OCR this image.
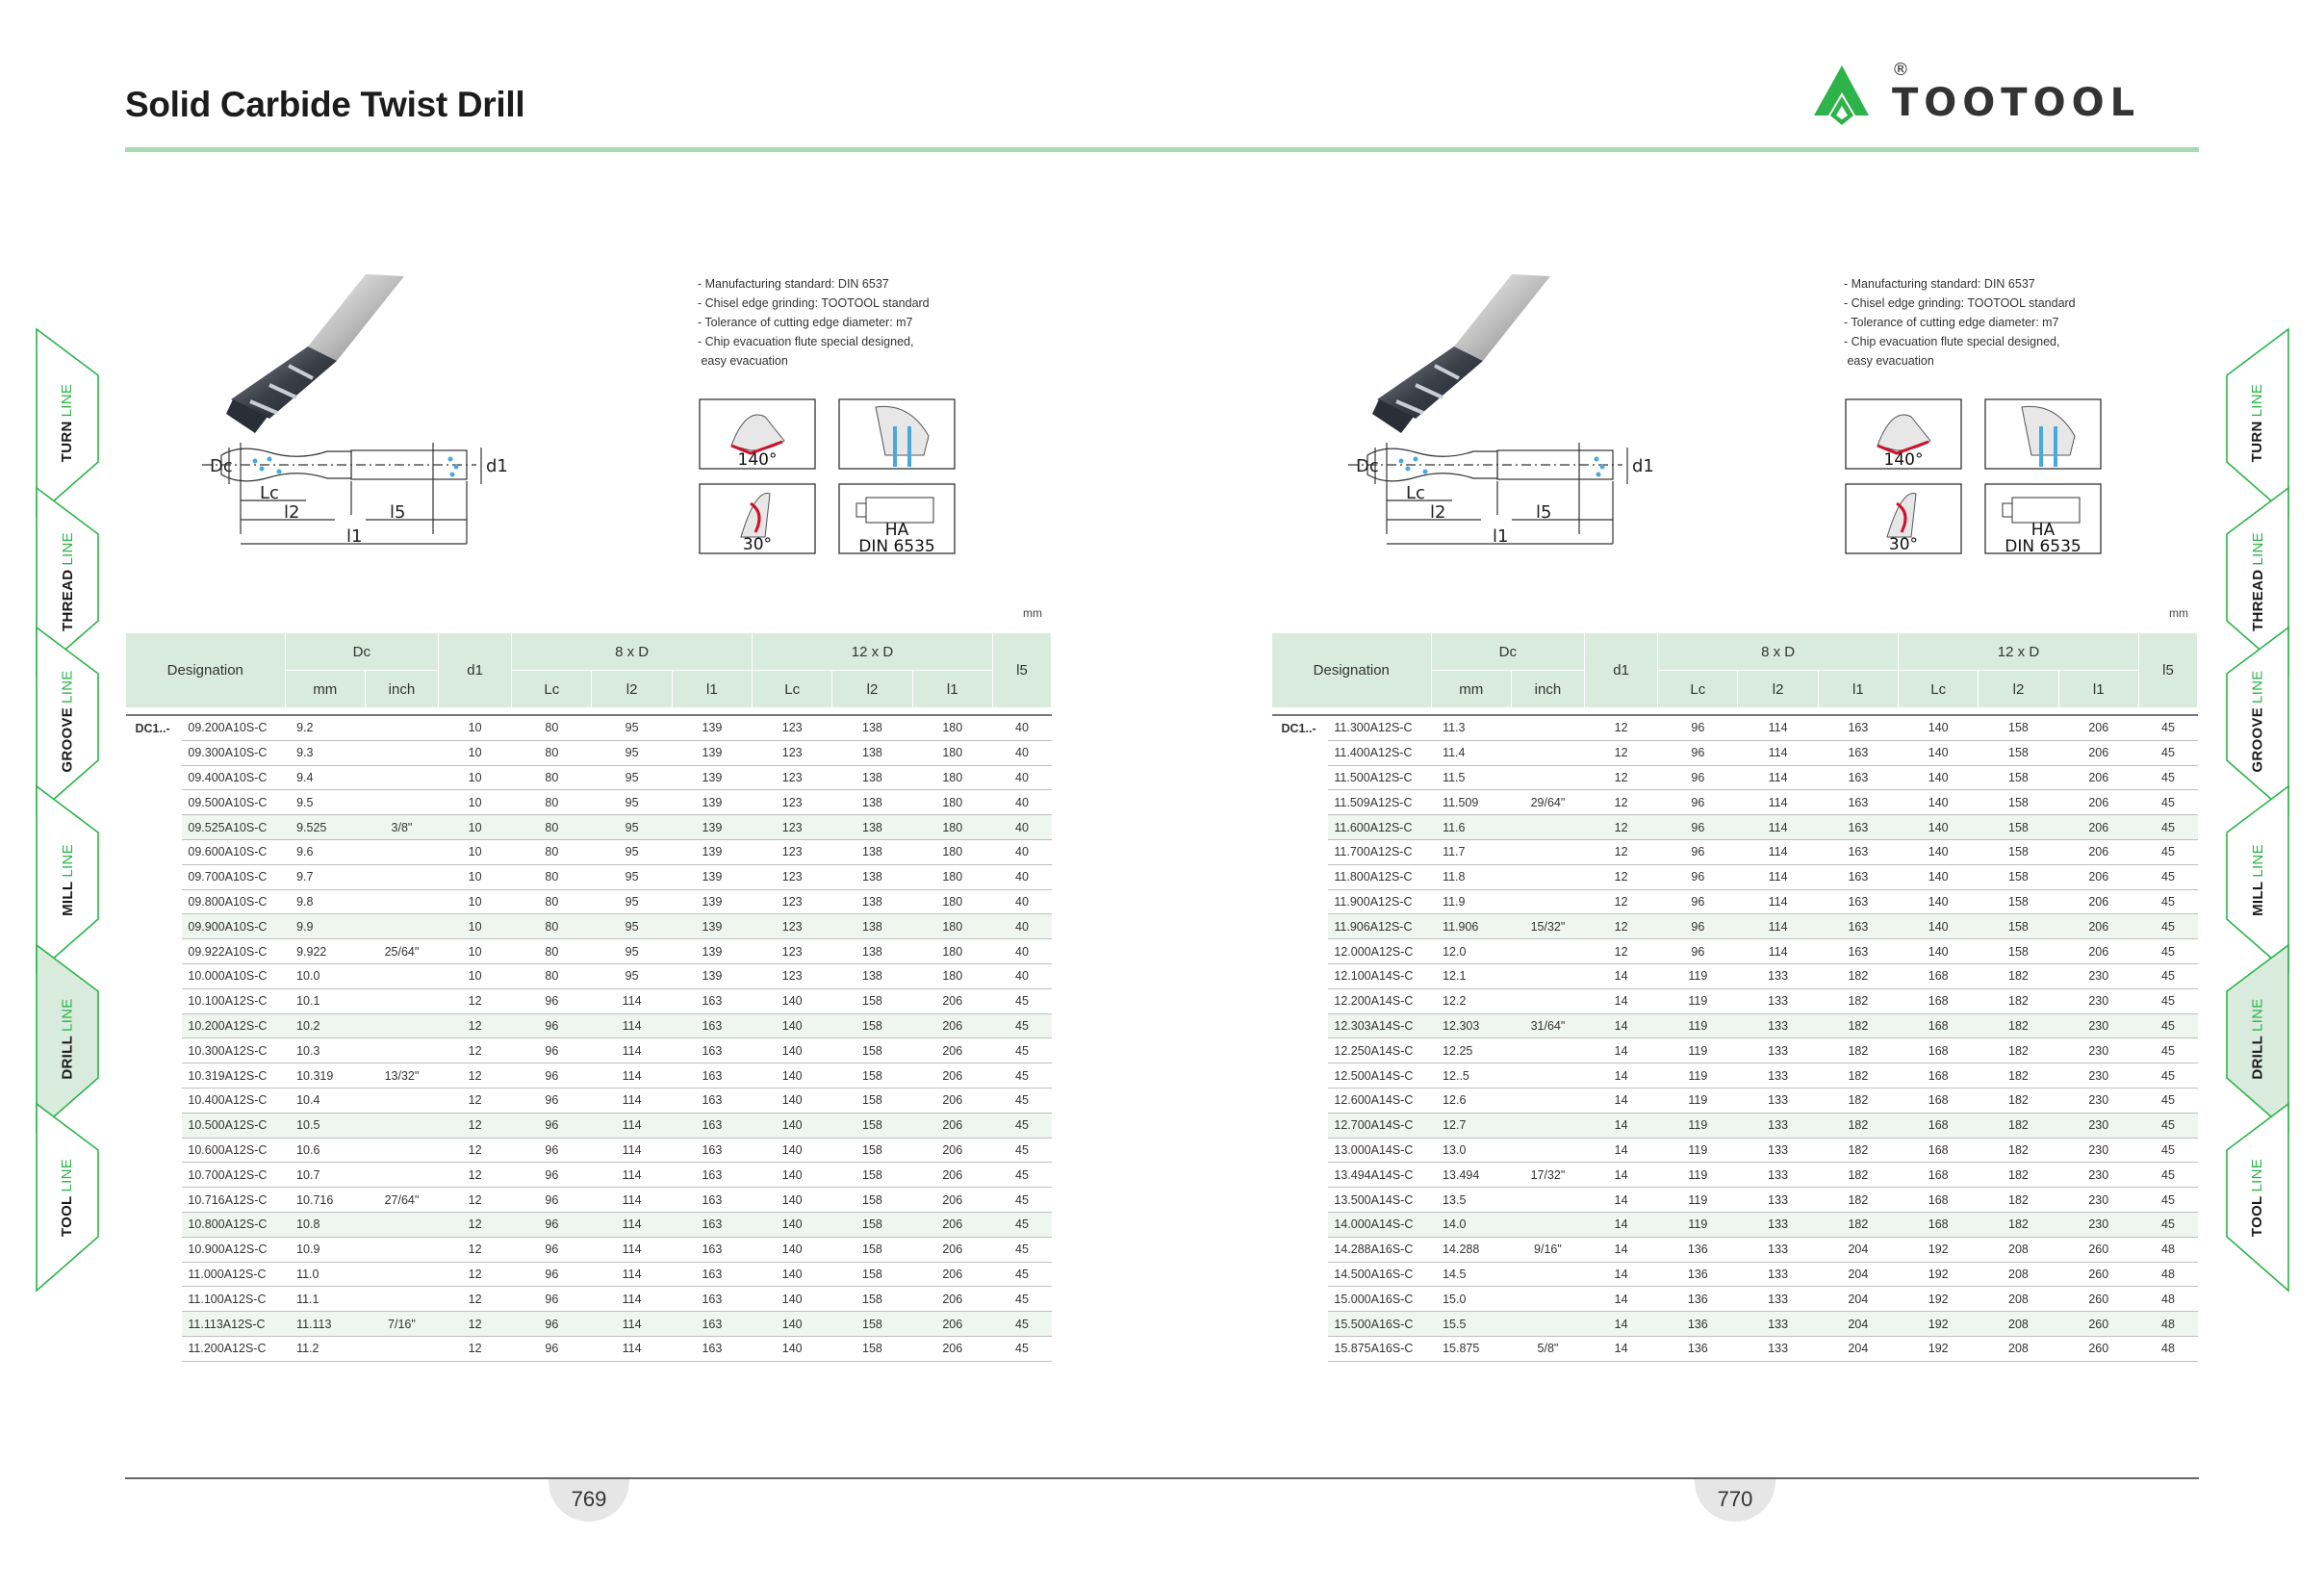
Solid Carbide Twist Drill	TOOTOOL
®
TURNLINE
THREADLINE
GROOVELINE
MILLLINE
DRILLLINE
TOOLLINE
TURNLINE
THREADLINE
GROOVELINE
MILLLINE
DRILLLINE
TOOLLINE
Dc	d1
Lc
l2	l5
l1
- Manufacturing standard: DIN 6537
- Chisel edge grinding: TOOTOOL standard
- Tolerance of cutting edge diameter: m7
- Chip evacuation flute special designed,
easy evacuation
140°
30°
HA
DIN 6535
mm
Designation		Dc		d1	8 x D			12 x D			l5
		mm	inch		Lc	l2	l1	Lc	l2	l1	

DC1..-	09.200A10S-C	9.2		10	80	95	139	123	138	180	40
	09.300A10S-C	9.3		10	80	95	139	123	138	180	40
	09.400A10S-C	9.4		10	80	95	139	123	138	180	40
	09.500A10S-C	9.5		10	80	95	139	123	138	180	40
	09.525A10S-C	9.525	3/8"	10	80	95	139	123	138	180	40
	09.600A10S-C	9.6		10	80	95	139	123	138	180	40
	09.700A10S-C	9.7		10	80	95	139	123	138	180	40
	09.800A10S-C	9.8		10	80	95	139	123	138	180	40
	09.900A10S-C	9.9		10	80	95	139	123	138	180	40
	09.922A10S-C	9.922	25/64"	10	80	95	139	123	138	180	40
	10.000A10S-C	10.0		10	80	95	139	123	138	180	40
	10.100A12S-C	10.1		12	96	114	163	140	158	206	45
	10.200A12S-C	10.2		12	96	114	163	140	158	206	45
	10.300A12S-C	10.3		12	96	114	163	140	158	206	45
	10.319A12S-C	10.319	13/32"	12	96	114	163	140	158	206	45
	10.400A12S-C	10.4		12	96	114	163	140	158	206	45
	10.500A12S-C	10.5		12	96	114	163	140	158	206	45
	10.600A12S-C	10.6		12	96	114	163	140	158	206	45
	10.700A12S-C	10.7		12	96	114	163	140	158	206	45
	10.716A12S-C	10.716	27/64"	12	96	114	163	140	158	206	45
	10.800A12S-C	10.8		12	96	114	163	140	158	206	45
	10.900A12S-C	10.9		12	96	114	163	140	158	206	45
	11.000A12S-C	11.0		12	96	114	163	140	158	206	45
	11.100A12S-C	11.1		12	96	114	163	140	158	206	45
	11.113A12S-C	11.113	7/16"	12	96	114	163	140	158	206	45
	11.200A12S-C	11.2		12	96	114	163	140	158	206	45
Dc	d1
Lc
l2	l5
l1
- Manufacturing standard: DIN 6537
- Chisel edge grinding: TOOTOOL standard
- Tolerance of cutting edge diameter: m7
- Chip evacuation flute special designed,
easy evacuation
140°
30°
HA
DIN 6535
mm
Designation		Dc		d1	8 x D			12 x D			l5
		mm	inch		Lc	l2	l1	Lc	l2	l1	

DC1..-	11.300A12S-C	11.3		12	96	114	163	140	158	206	45
	11.400A12S-C	11.4		12	96	114	163	140	158	206	45
	11.500A12S-C	11.5		12	96	114	163	140	158	206	45
	11.509A12S-C	11.509	29/64"	12	96	114	163	140	158	206	45
	11.600A12S-C	11.6		12	96	114	163	140	158	206	45
	11.700A12S-C	11.7		12	96	114	163	140	158	206	45
	11.800A12S-C	11.8		12	96	114	163	140	158	206	45
	11.900A12S-C	11.9		12	96	114	163	140	158	206	45
	11.906A12S-C	11.906	15/32"	12	96	114	163	140	158	206	45
	12.000A12S-C	12.0		12	96	114	163	140	158	206	45
	12.100A14S-C	12.1		14	119	133	182	168	182	230	45
	12.200A14S-C	12.2		14	119	133	182	168	182	230	45
	12.303A14S-C	12.303	31/64"	14	119	133	182	168	182	230	45
	12.250A14S-C	12.25		14	119	133	182	168	182	230	45
	12.500A14S-C	12..5		14	119	133	182	168	182	230	45
	12.600A14S-C	12.6		14	119	133	182	168	182	230	45
	12.700A14S-C	12.7		14	119	133	182	168	182	230	45
	13.000A14S-C	13.0		14	119	133	182	168	182	230	45
	13.494A14S-C	13.494	17/32"	14	119	133	182	168	182	230	45
	13.500A14S-C	13.5		14	119	133	182	168	182	230	45
	14.000A14S-C	14.0		14	119	133	182	168	182	230	45
	14.288A16S-C	14.288	9/16"	14	136	133	204	192	208	260	48
	14.500A16S-C	14.5		14	136	133	204	192	208	260	48
	15.000A16S-C	15.0		14	136	133	204	192	208	260	48
	15.500A16S-C	15.5		14	136	133	204	192	208	260	48
	15.875A16S-C	15.875	5/8"	14	136	133	204	192	208	260	48
769	770
